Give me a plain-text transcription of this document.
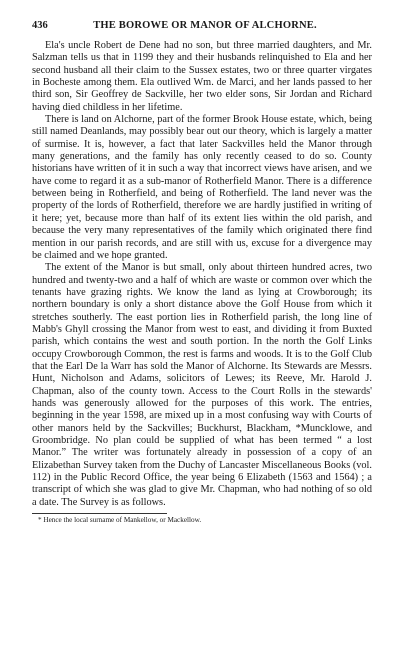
436	THE BOROWE OR MANOR OF ALCHORNE.

Ela's uncle Robert de Dene had no son, but three married daughters, and Mr. Salzman tells us that in 1199 they and their husbands relinquished to Ela and her second husband all their claim to the Sussex estates, two or three quarter virgates in Bocheste among them. Ela outlived Wm. de Marci, and her lands passed to her third son, Sir Geoffrey de Sackville, her two elder sons, Sir Jordan and Richard having died childless in her lifetime.

There is land on Alchorne, part of the former Brook House estate, which, being still named Deanlands, may possibly bear out our theory, which is largely a matter of surmise. It is, however, a fact that later Sackvilles held the Manor through many generations, and the family has only recently ceased to do so. County historians have written of it in such a way that incorrect views have arisen, and we have come to regard it as a sub-manor of Rotherfield Manor. There is a difference between being in Rotherfield, and being of Rotherfield. The land never was the property of the lords of Rotherfield, therefore we are hardly justified in writing of it here; yet, because more than half of its extent lies within the old parish, and because the very many representatives of the family which originated there find mention in our parish records, and are still with us, excuse for a divergence may be claimed and we hope granted.

The extent of the Manor is but small, only about thirteen hundred acres, two hundred and twenty-two and a half of which are waste or common over which the tenants have grazing rights. We know the land as lying at Crowborough; its northern boundary is only a short distance above the Golf House from which it stretches southerly. The east portion lies in Rotherfield parish, the long line of Mabb's Ghyll crossing the Manor from west to east, and dividing it from Buxted parish, which contains the west and south portion. In the north the Golf Links occupy Crowborough Common, the rest is farms and woods. It is to the Golf Club that the Earl De la Warr has sold the Manor of Alchorne. Its Stewards are Messrs. Hunt, Nicholson and Adams, solicitors of Lewes; its Reeve, Mr. Harold J. Chapman, also of the county town. Access to the Court Rolls in the stewards' hands was generously allowed for the purposes of this work. The entries, beginning in the year 1598, are mixed up in a most confusing way with Courts of other manors held by the Sackvilles; Buckhurst, Blackham, *Muncklowe, and Groombridge. No plan could be supplied of what has been termed “ a lost Manor.” The writer was fortunately already in possession of a copy of an Elizabethan Survey taken from the Duchy of Lancaster Miscellaneous Books (vol. 112) in the Public Record Office, the year being 6 Elizabeth (1563 and 1564) ; a transcript of which she was glad to give Mr. Chapman, who had nothing of so old a date. The Survey is as follows.

* Hence the local surname of Mankellow, or Mackellow.
